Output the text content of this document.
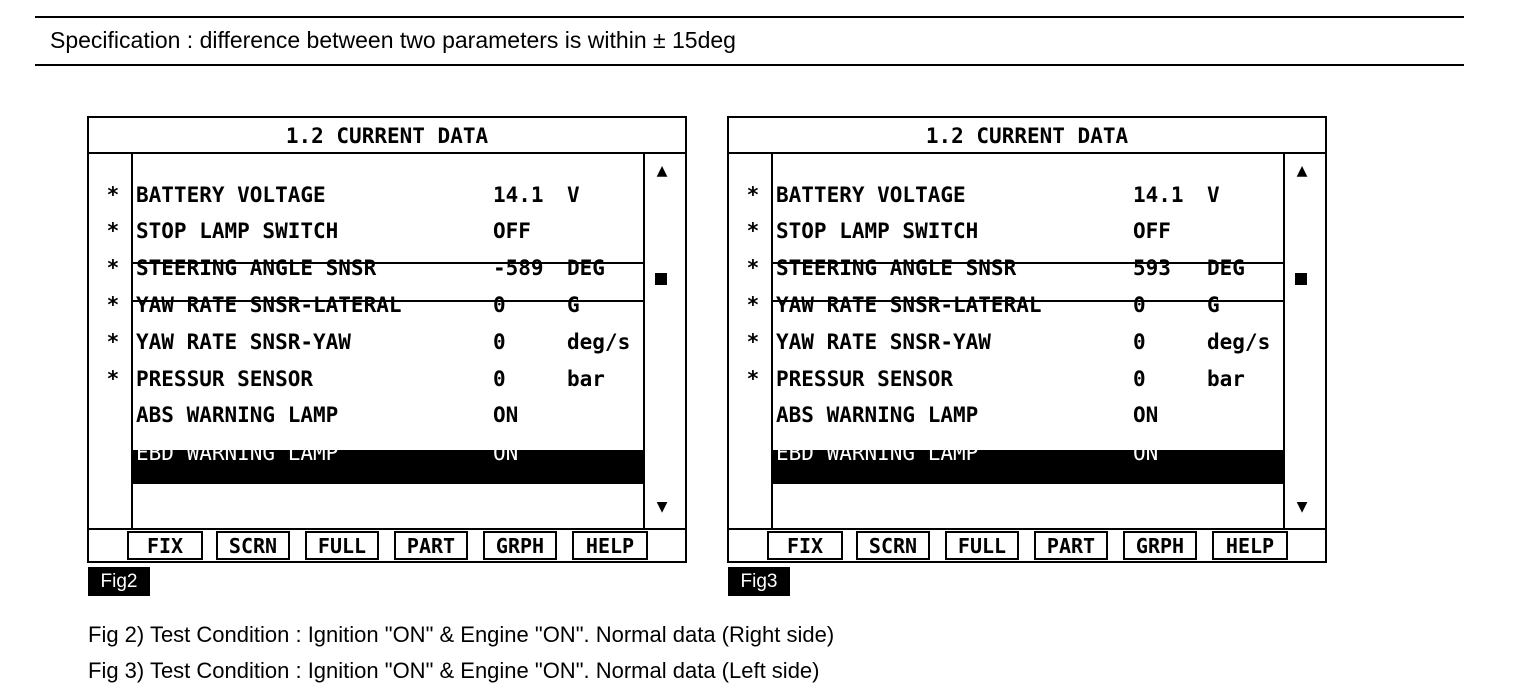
Specification : difference between two parameters is within ± 15deg
1.2 CURRENT DATA
▲
▼
* BATTERY VOLTAGE	14.1 V
* STOP LAMP SWITCH	OFF
* STEERING ANGLE SNSR	-589 DEG
* YAW RATE SNSR-LATERAL	0	G
* YAW RATE SNSR-YAW	0	deg/s
* PRESSUR SENSOR	0	bar
ABS WARNING LAMP	ON
EBD WARNING LAMP	ON
FIX	SCRN	FULL	PART	GRPH	HELP
1.2 CURRENT DATA
▲
▼
* BATTERY VOLTAGE	14.1 V
* STOP LAMP SWITCH	OFF
* STEERING ANGLE SNSR	593 DEG
* YAW RATE SNSR-LATERAL	0	G
* YAW RATE SNSR-YAW	0	deg/s
* PRESSUR SENSOR	0	bar
ABS WARNING LAMP	ON
EBD WARNING LAMP	ON
FIX	SCRN	FULL	PART	GRPH	HELP
Fig2	Fig3
Fig 2) Test Condition : Ignition "ON" & Engine "ON". Normal data (Right side)
Fig 3) Test Condition : Ignition "ON" & Engine "ON". Normal data (Left side)
